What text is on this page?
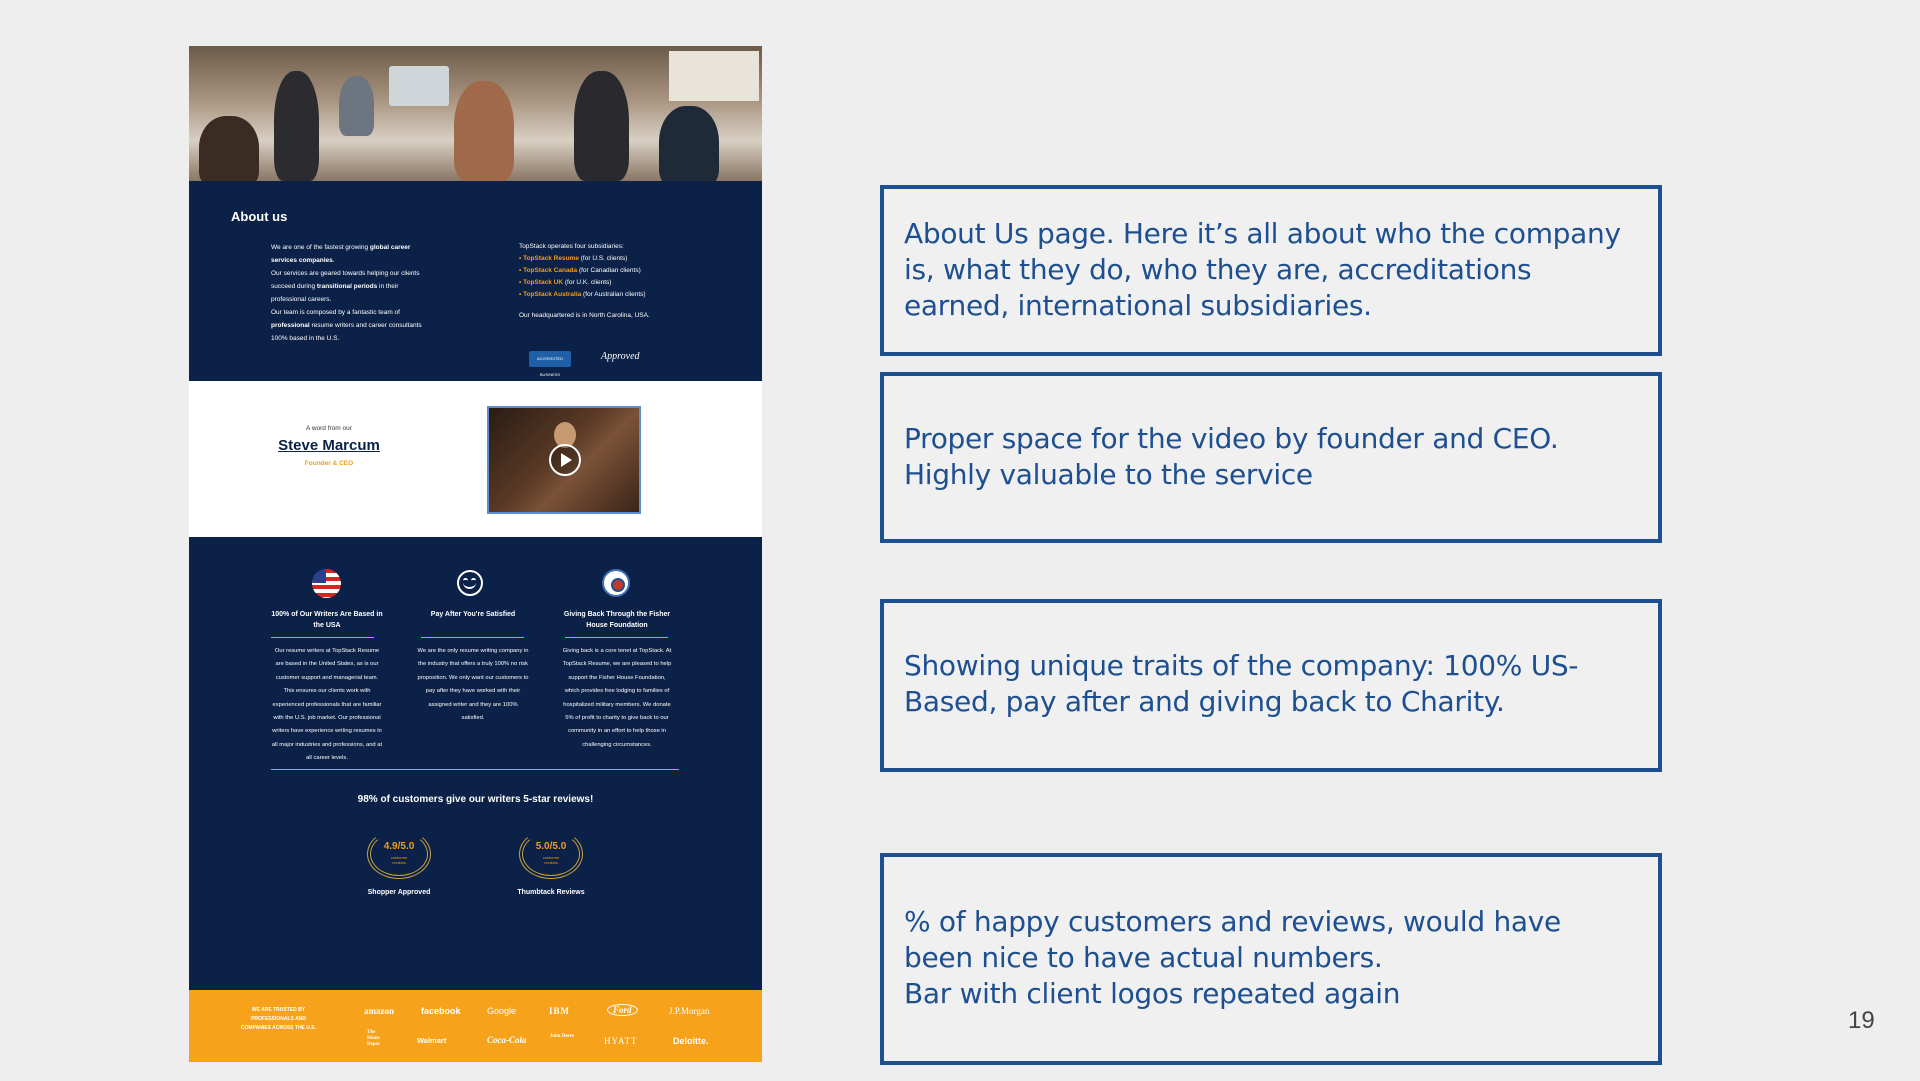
About us
We are one of the fastest growing global career services companies.
Our services are geared towards helping our clients succeed during transitional periods in their professional careers.
Our team is composed by a fantastic team of professional resume writers and career consultants 100% based in the U.S.
TopStack operates four subsidiaries:
• TopStack Resume (for U.S. clients)
• TopStack Canada (for Canadian clients)
• TopStack UK (for U.K. clients)
• TopStack Australia (for Australian clients)
Our headquartered is in North Carolina, USA.
ACCREDITED BUSINESS
Approved
A word from our
Steve Marcum
Founder & CEO
100% of Our Writers Are Based in the USA
Our resume writers at TopStack Resume are based in the United States, as is our customer support and managerial team. This ensures our clients work with experienced professionals that are familiar with the U.S. job market. Our professional writers have experience writing resumes in all major industries and professions, and at all career levels.
Pay After You're Satisfied
We are the only resume writing company in the industry that offers a truly 100% no risk proposition. We only want our customers to pay after they have worked with their assigned writer and they are 100% satisfied.
Giving Back Through the Fisher House Foundation
Giving back is a core tenet at TopStack. At TopStack Resume, we are pleased to help support the Fisher House Foundation, which provides free lodging to families of hospitalized military members. We donate 5% of profit to charity to give back to our community in an effort to help those in challenging circumstances.
98% of customers give our writers 5-star reviews!
4.9/5.0
customer reviews
Shopper Approved
5.0/5.0
customer reviews
Thumbtack Reviews
WE ARE TRUSTED BY PROFESSIONALS AND COMPANIES ACROSS THE U.S.
amazon	facebook	Google	IBM	Ford	J.P.Morgan
The Home Depot	Walmart	Coca-Cola	John Deere	HYATT	Deloitte.

About Us page. Here it’s all about who the company is, what they do, who they are, accreditations earned, international subsidiaries.

Proper space for the video by founder and CEO. Highly valuable to the service

Showing unique traits of the company: 100% US-Based, pay after and giving back to Charity.

% of happy customers and reviews, would have been nice to have actual numbers.
Bar with client logos repeated again

19
